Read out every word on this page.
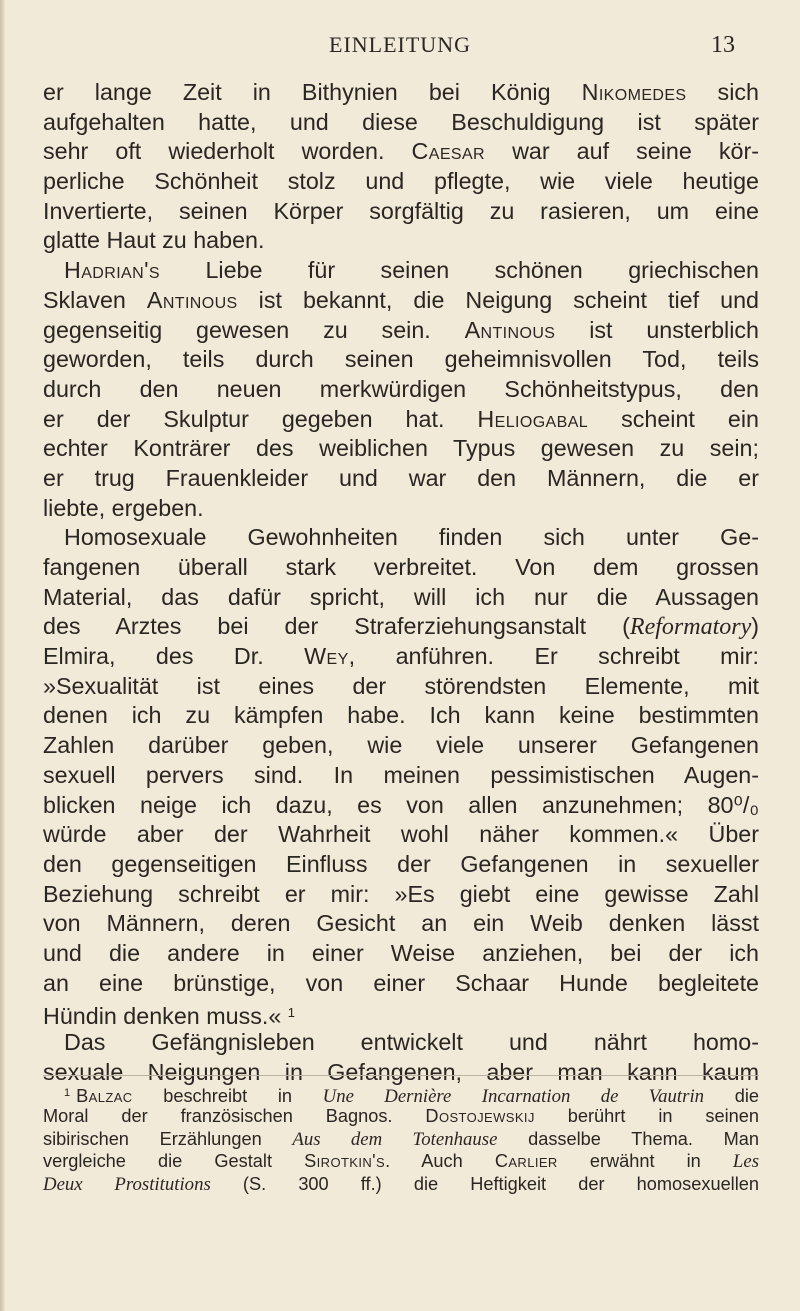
EINLEITUNG	13
er lange Zeit in Bithynien bei König Nikomedes sich
aufgehalten hatte, und diese Beschuldigung ist später
sehr oft wiederholt worden. Caesar war auf seine kör-
perliche Schönheit stolz und pflegte, wie viele heutige
Invertierte, seinen Körper sorgfältig zu rasieren, um eine
glatte Haut zu haben.
Hadrian's Liebe für seinen schönen griechischen
Sklaven Antinous ist bekannt, die Neigung scheint tief und
gegenseitig gewesen zu sein. Antinous ist unsterblich
geworden, teils durch seinen geheimnisvollen Tod, teils
durch den neuen merkwürdigen Schönheitstypus, den
er der Skulptur gegeben hat. Heliogabal scheint ein
echter Konträrer des weiblichen Typus gewesen zu sein;
er trug Frauenkleider und war den Männern, die er
liebte, ergeben.
Homosexuale Gewohnheiten finden sich unter Ge-
fangenen überall stark verbreitet. Von dem grossen
Material, das dafür spricht, will ich nur die Aussagen
des Arztes bei der Straferziehungsanstalt (Reformatory)
Elmira, des Dr. Wey, anführen. Er schreibt mir:
»Sexualität ist eines der störendsten Elemente, mit
denen ich zu kämpfen habe. Ich kann keine bestimmten
Zahlen darüber geben, wie viele unserer Gefangenen
sexuell pervers sind. In meinen pessimistischen Augen-
blicken neige ich dazu, es von allen anzunehmen; 80⁰/₀
würde aber der Wahrheit wohl näher kommen.« Über
den gegenseitigen Einfluss der Gefangenen in sexueller
Beziehung schreibt er mir: »Es giebt eine gewisse Zahl
von Männern, deren Gesicht an ein Weib denken lässt
und die andere in einer Weise anziehen, bei der ich
an eine brünstige, von einer Schaar Hunde begleitete
Hündin denken muss.« $^1$
Das Gefängnisleben entwickelt und nährt homo-
sexuale Neigungen in Gefangenen, aber man kann kaum
$^1$ Balzac beschreibt in Une Dernière Incarnation de Vautrin die
Moral der französischen Bagnos. Dostojewskij berührt in seinen
sibirischen Erzählungen Aus dem Totenhause dasselbe Thema. Man
vergleiche die Gestalt Sirotkin's. Auch Carlier erwähnt in Les
Deux Prostitutions (S. 300 ff.) die Heftigkeit der homosexuellen
